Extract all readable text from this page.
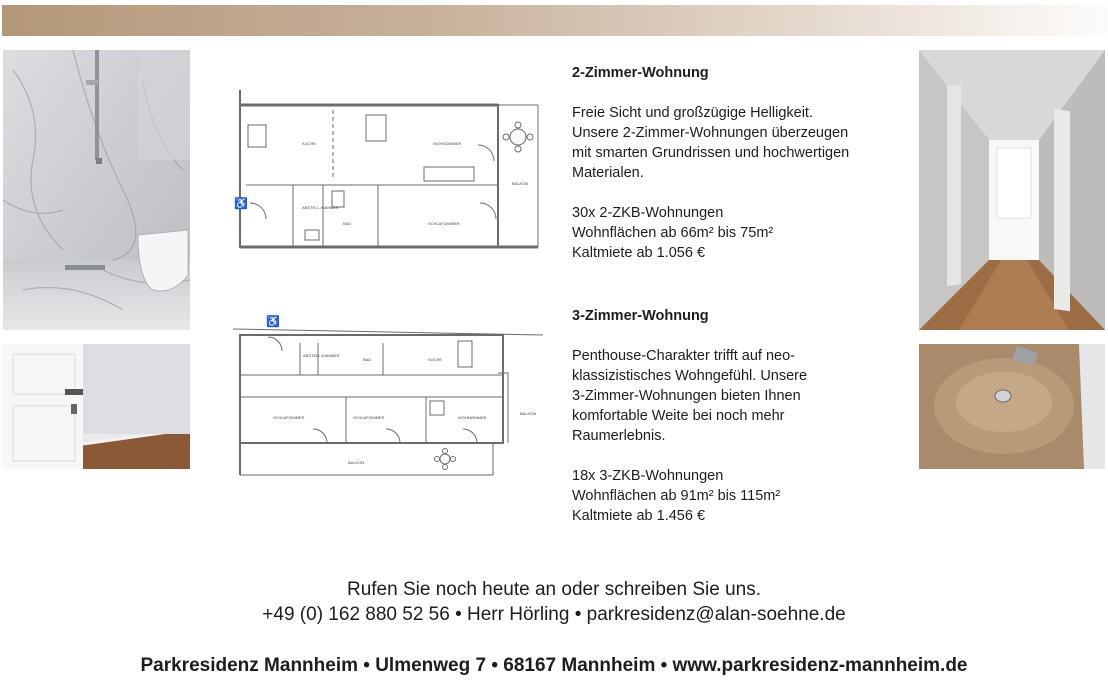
KÜCHE	WOHNZIMMER
BALKON
ABSTELL-KAMMER
BAD	SCHLAFZIMMER
♿
ABSTELL-KAMMER
BAD	KÜCHE
SCHLAFZIMMER	SCHLAFZIMMER	WOHNZIMMER
BALKON
BALKON
♿
2-Zimmer-Wohnung

Freie Sicht und großzügige Helligkeit.

Unsere 2-Zimmer-Wohnungen überzeugen

mit smarten Grundrissen und hochwertigen

Materialen.

30x 2-ZKB-Wohnungen

Wohnflächen ab 66m² bis 75m²

Kaltmiete ab 1.056 €

3-Zimmer-Wohnung

Penthouse-Charakter trifft auf neo-

klassizistisches Wohngefühl. Unsere

3-Zimmer-Wohnungen bieten Ihnen

komfortable Weite bei noch mehr

Raumerlebnis.

18x 3-ZKB-Wohnungen

Wohnflächen ab 91m² bis 115m²

Kaltmiete ab 1.456 €

Rufen Sie noch heute an oder schreiben Sie uns.
+49 (0) 162 880 52 56 • Herr Hörling • parkresidenz@alan-soehne.de
Parkresidenz Mannheim • Ulmenweg 7 • 68167 Mannheim • www.parkresidenz-mannheim.de
